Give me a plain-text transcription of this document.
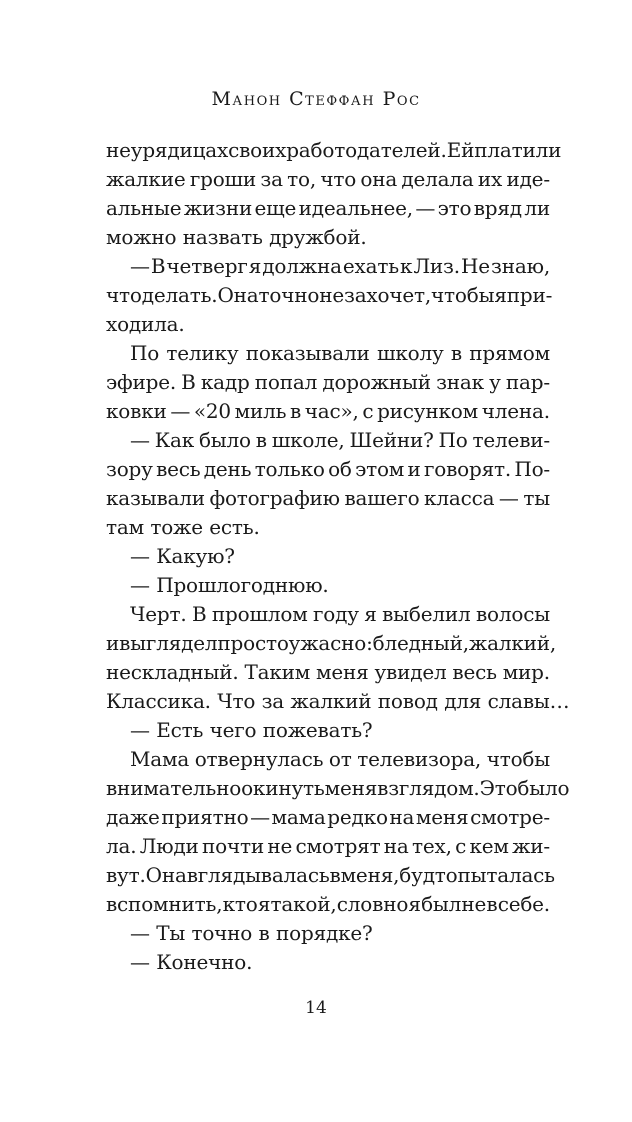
Манон Стеффан Рос
неурядицах своих работодателей. Ей платили
жалкие гроши за то, что она делала их иде-
альные жизни еще идеальнее, — это вряд ли
можно назвать дружбой.
— В четверг я должна ехать к Лиз. Не знаю,
что делать. Она точно не захочет, чтобы я при-
ходила.
По телику показывали школу в прямом
эфире. В кадр попал дорожный знак у пар-
ковки — «20 миль в час», с рисунком члена.
— Как было в школе, Шейни? По телеви-
зору весь день только об этом и говорят. По-
казывали фотографию вашего класса — ты
там тоже есть.
— Какую?
— Прошлогоднюю.
Черт. В прошлом году я выбелил волосы
и выглядел просто ужасно: бледный, жалкий,
нескладный. Таким меня увидел весь мир.
Классика. Что за жалкий повод для славы…
— Есть чего пожевать?
Мама отвернулась от телевизора, чтобы
внимательно окинуть меня взглядом. Это было
даже приятно — мама редко на меня смотре-
ла. Люди почти не смотрят на тех, с кем жи-
вут. Она вглядывалась в меня, будто пыталась
вспомнить, кто я такой, словно я был не в себе.
— Ты точно в порядке?
— Конечно.
14
